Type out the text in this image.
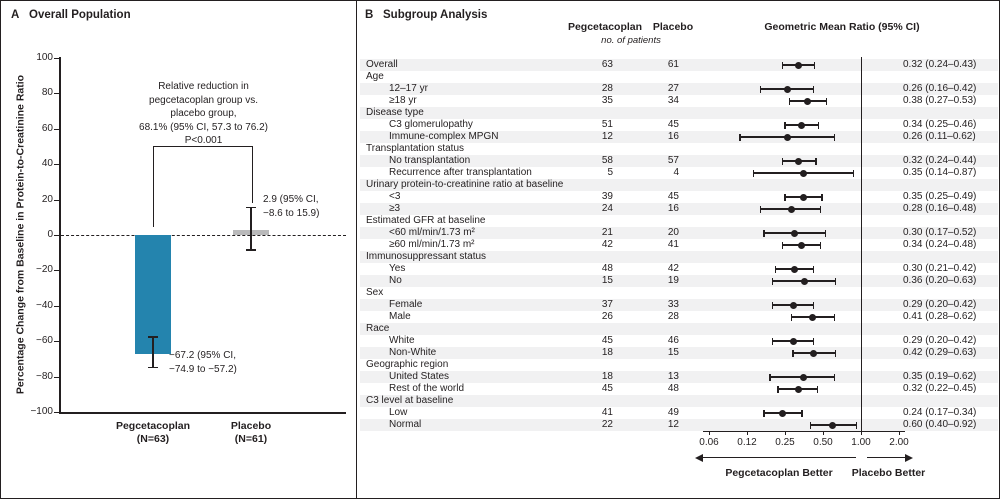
A Overall Population	B Subgroup Analysis
Percentage Change from Baseline in Protein-to-Creatinine Ratio
Pegcetacoplan	Placebo
no. of patients
Geometric Mean Ratio (95% CI)
100
80
60
40
20
0
−20
−40
−60
−80
−100
Pegcetacoplan
(N=63)
Placebo
(N=61)
−67.2 (95% CI,
−74.9 to −57.2)
2.9 (95% CI,
−8.6 to 15.9)
Relative reduction in
pegcetacoplan group vs.
placebo group,
68.1% (95% CI, 57.3 to 76.2)
P<0.001
Overall	63	61	0.32 (0.24–0.43)
Age
12–17 yr	28	27	0.26 (0.16–0.42)
≥18 yr	35	34	0.38 (0.27–0.53)
Disease type
C3 glomerulopathy	51	45	0.34 (0.25–0.46)
Immune-complex MPGN	12	16	0.26 (0.11–0.62)
Transplantation status
No transplantation	58	57	0.32 (0.24–0.44)
Recurrence after transplantation	5	4	0.35 (0.14–0.87)
Urinary protein-to-creatinine ratio at baseline
<3	39	45	0.35 (0.25–0.49)
≥3	24	16	0.28 (0.16–0.48)
Estimated GFR at baseline
<60 ml/min/1.73 m²	21	20	0.30 (0.17–0.52)
≥60 ml/min/1.73 m²	42	41	0.34 (0.24–0.48)
Immunosuppressant status
Yes	48	42	0.30 (0.21–0.42)
No	15	19	0.36 (0.20–0.63)
Sex
Female	37	33	0.29 (0.20–0.42)
Male	26	28	0.41 (0.28–0.62)
Race
White	45	46	0.29 (0.20–0.42)
Non-White	18	15	0.42 (0.29–0.63)
Geographic region
United States	18	13	0.35 (0.19–0.62)
Rest of the world	45	48	0.32 (0.22–0.45)
C3 level at baseline
Low	41	49	0.24 (0.17–0.34)
Normal	22	12	0.60 (0.40–0.92)
0.06	0.12	0.25	0.50	1.00	2.00
Pegcetacoplan Better	Placebo Better
